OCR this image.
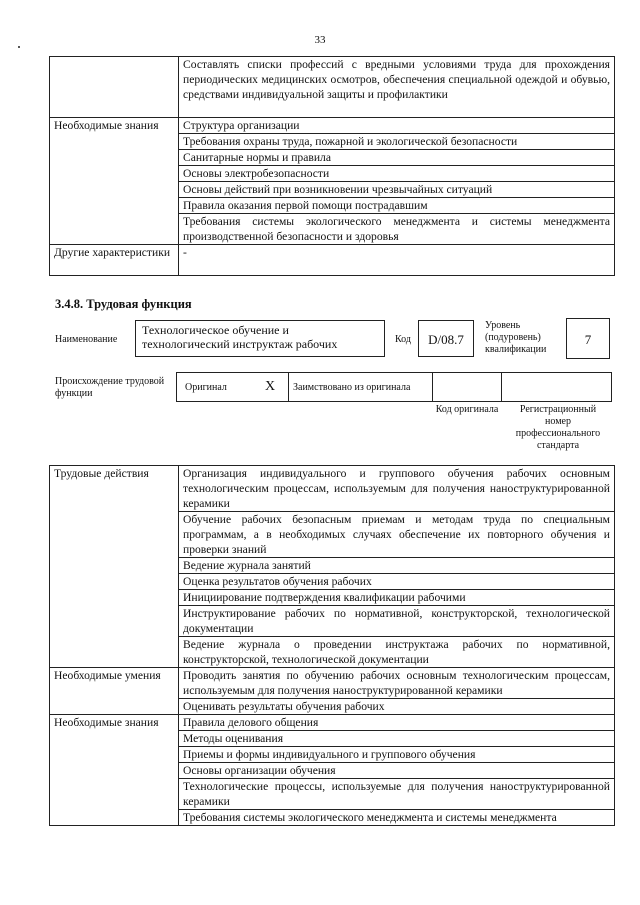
33
	Составлять списки профессий с вредными условиями труда для прохождения периодических медицинских осмотров, обеспечения специальной одеждой и обувью, средствами индивидуальной защиты и профилактики
Необходимые знания	Структура организации
	Требования охраны труда, пожарной и экологической безопасности
	Санитарные нормы и правила
	Основы электробезопасности
	Основы действий при возникновении чрезвычайных ситуаций
	Правила оказания первой помощи пострадавшим
	Требования системы экологического менеджмента и системы менеджмента производственной безопасности и здоровья
Другие характеристики	-
3.4.8. Трудовая функция
Наименование
Технологическое обучение и технологический инструктаж рабочих	Код	D/08.7
Уровень (подуровень) квалификации
7
Происхождение трудовой функции
Оригинал	X Заимствовано из оригинала
Код оригинала	Регистрационный номер профессионального стандарта
Трудовые действия	Организация индивидуального и группового обучения рабочих основным технологическим процессам, используемым для получения наноструктурированной керамики
	Обучение рабочих безопасным приемам и методам труда по специальным программам, а в необходимых случаях обеспечение их повторного обучения и проверки знаний
	Ведение журнала занятий
	Оценка результатов обучения рабочих
	Инициирование подтверждения квалификации рабочими
	Инструктирование рабочих по нормативной, конструкторской, технологической документации
	Ведение журнала о проведении инструктажа рабочих по нормативной, конструкторской, технологической документации
Необходимые умения	Проводить занятия по обучению рабочих основным технологическим процессам, используемым для получения наноструктурированной керамики
	Оценивать результаты обучения рабочих
Необходимые знания	Правила делового общения
	Методы оценивания
	Приемы и формы индивидуального и группового обучения
	Основы организации обучения
	Технологические процессы, используемые для получения наноструктурированной керамики
	Требования системы экологического менеджмента и системы менеджмента
